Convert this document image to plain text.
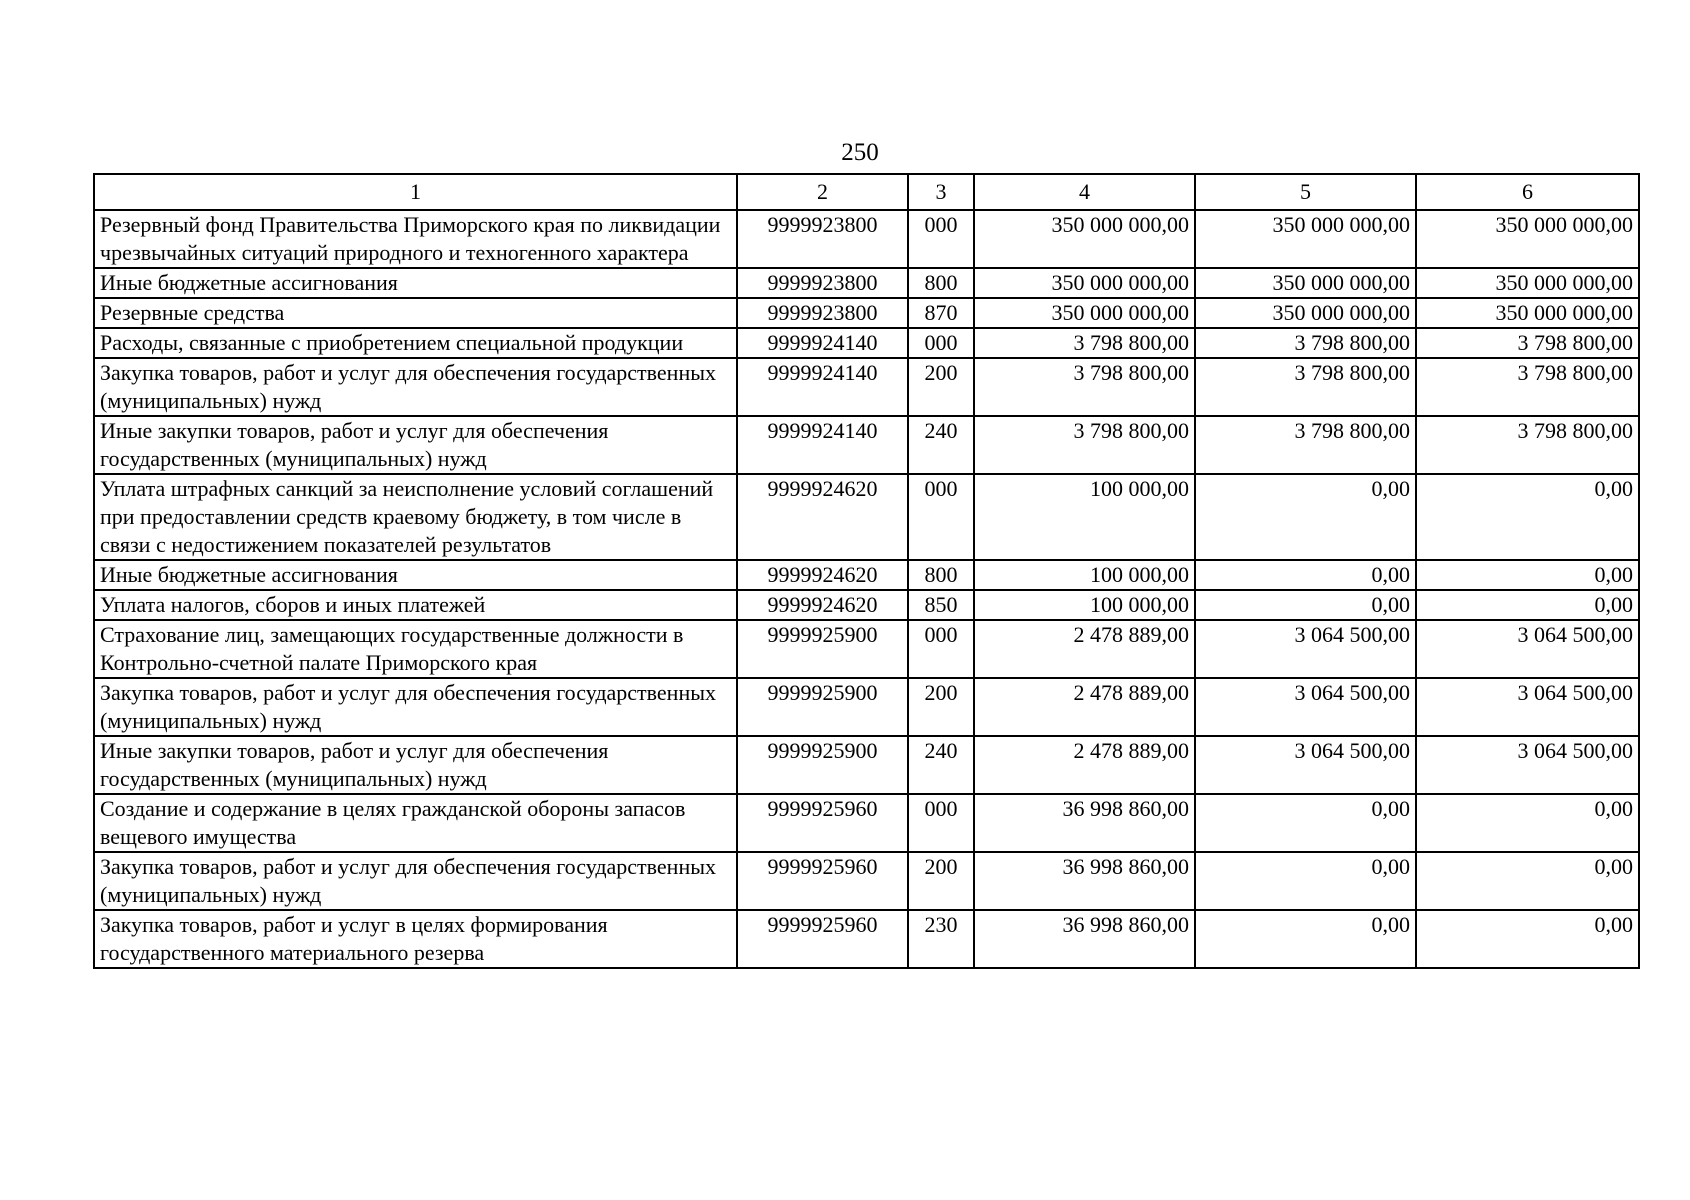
250
1	2	3	4	5	6
Резервный фонд Правительства Приморского края по ликвидации чрезвычайных ситуаций природного и техногенного характера	9999923800	000	350 000 000,00	350 000 000,00	350 000 000,00
Иные бюджетные ассигнования	9999923800	800	350 000 000,00	350 000 000,00	350 000 000,00
Резервные средства	9999923800	870	350 000 000,00	350 000 000,00	350 000 000,00
Расходы, связанные с приобретением специальной продукции	9999924140	000	3 798 800,00	3 798 800,00	3 798 800,00
Закупка товаров, работ и услуг для обеспечения государственных (муниципальных) нужд	9999924140	200	3 798 800,00	3 798 800,00	3 798 800,00
Иные закупки товаров, работ и услуг для обеспечения государственных (муниципальных) нужд	9999924140	240	3 798 800,00	3 798 800,00	3 798 800,00
Уплата штрафных санкций за неисполнение условий соглашений при предоставлении средств краевому бюджету, в том числе в связи с недостижением показателей результатов	9999924620	000	100 000,00	0,00	0,00
Иные бюджетные ассигнования	9999924620	800	100 000,00	0,00	0,00
Уплата налогов, сборов и иных платежей	9999924620	850	100 000,00	0,00	0,00
Страхование лиц, замещающих государственные должности в Контрольно-счетной палате Приморского края	9999925900	000	2 478 889,00	3 064 500,00	3 064 500,00
Закупка товаров, работ и услуг для обеспечения государственных (муниципальных) нужд	9999925900	200	2 478 889,00	3 064 500,00	3 064 500,00
Иные закупки товаров, работ и услуг для обеспечения государственных (муниципальных) нужд	9999925900	240	2 478 889,00	3 064 500,00	3 064 500,00
Создание и содержание в целях гражданской обороны запасов вещевого имущества	9999925960	000	36 998 860,00	0,00	0,00
Закупка товаров, работ и услуг для обеспечения государственных (муниципальных) нужд	9999925960	200	36 998 860,00	0,00	0,00
Закупка товаров, работ и услуг в целях формирования государственного материального резерва	9999925960	230	36 998 860,00	0,00	0,00
